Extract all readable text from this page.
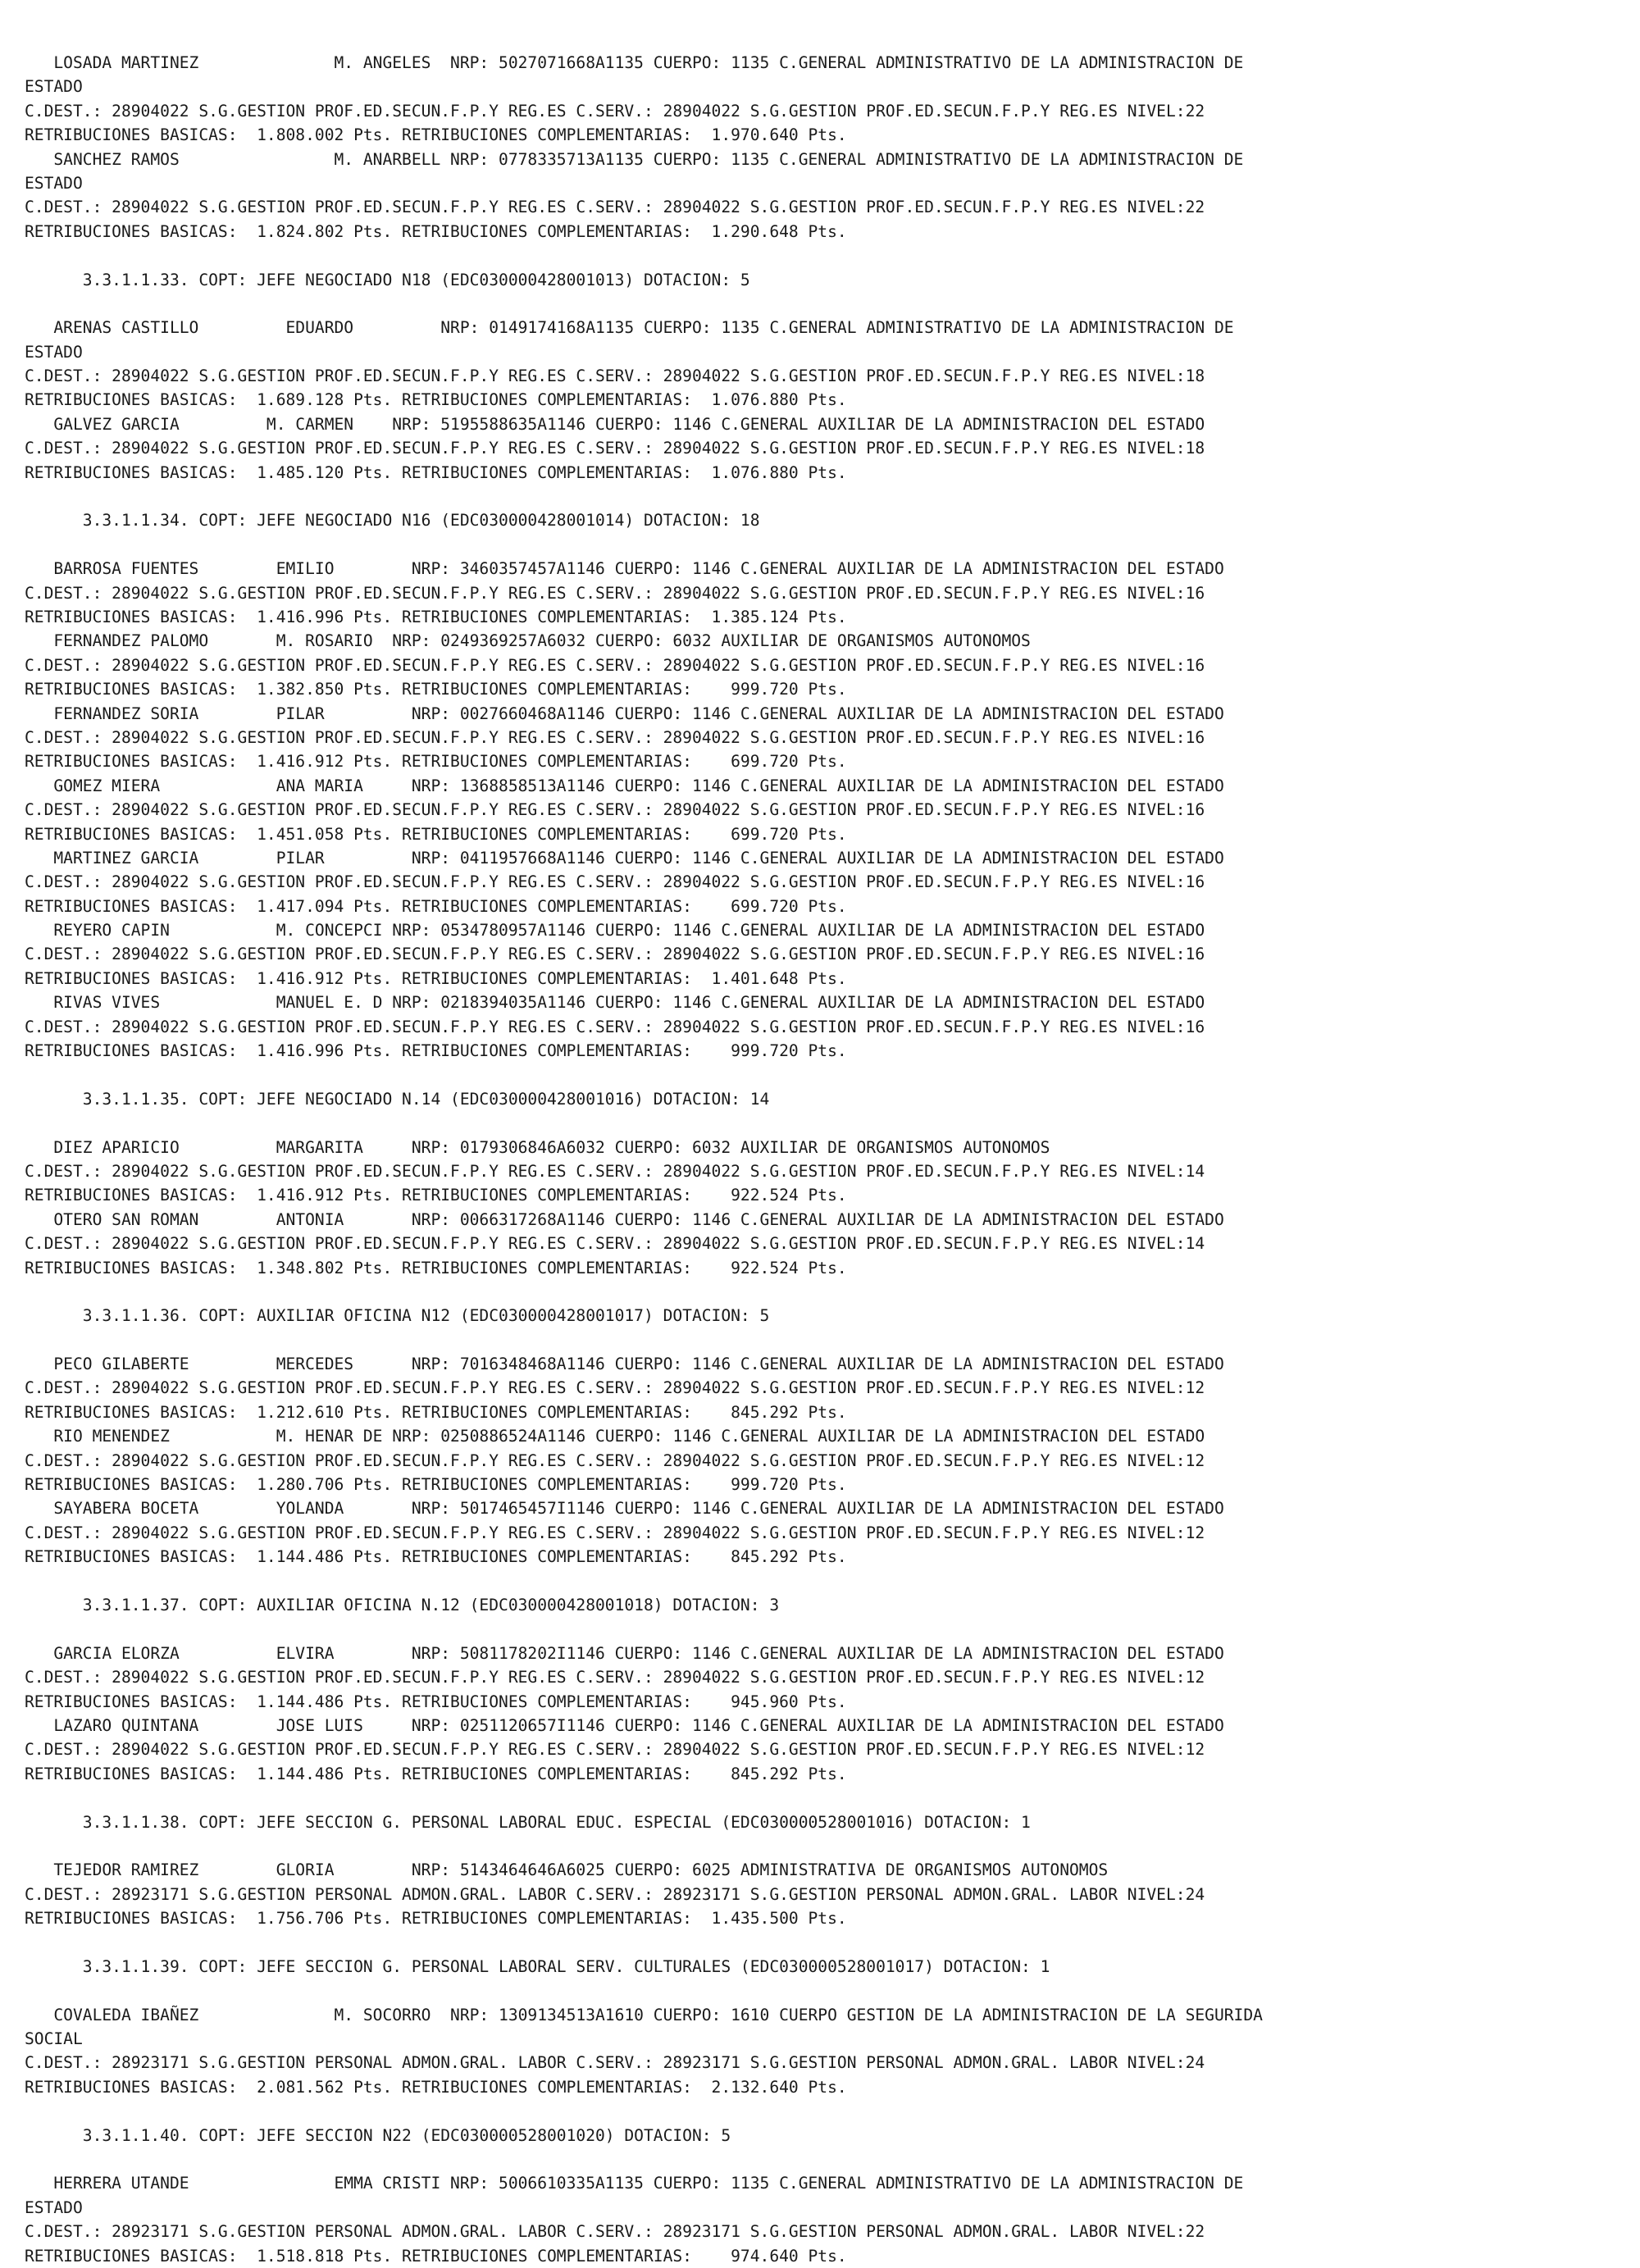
LOSADA MARTINEZ              M. ANGELES  NRP: 5027071668A1135 CUERPO: 1135 C.GENERAL ADMINISTRATIVO DE LA ADMINISTRACION DE
ESTADO
C.DEST.: 28904022 S.G.GESTION PROF.ED.SECUN.F.P.Y REG.ES C.SERV.: 28904022 S.G.GESTION PROF.ED.SECUN.F.P.Y REG.ES NIVEL:22
RETRIBUCIONES BASICAS:  1.808.002 Pts. RETRIBUCIONES COMPLEMENTARIAS:  1.970.640 Pts.
SANCHEZ RAMOS                M. ANARBELL NRP: 0778335713A1135 CUERPO: 1135 C.GENERAL ADMINISTRATIVO DE LA ADMINISTRACION DE
ESTADO
C.DEST.: 28904022 S.G.GESTION PROF.ED.SECUN.F.P.Y REG.ES C.SERV.: 28904022 S.G.GESTION PROF.ED.SECUN.F.P.Y REG.ES NIVEL:22
RETRIBUCIONES BASICAS:  1.824.802 Pts. RETRIBUCIONES COMPLEMENTARIAS:  1.290.648 Pts.
3.3.1.1.33. COPT: JEFE NEGOCIADO N18 (EDC030000428001013) DOTACION: 5
ARENAS CASTILLO         EDUARDO         NRP: 0149174168A1135 CUERPO: 1135 C.GENERAL ADMINISTRATIVO DE LA ADMINISTRACION DE
ESTADO
C.DEST.: 28904022 S.G.GESTION PROF.ED.SECUN.F.P.Y REG.ES C.SERV.: 28904022 S.G.GESTION PROF.ED.SECUN.F.P.Y REG.ES NIVEL:18
RETRIBUCIONES BASICAS:  1.689.128 Pts. RETRIBUCIONES COMPLEMENTARIAS:  1.076.880 Pts.
GALVEZ GARCIA         M. CARMEN    NRP: 5195588635A1146 CUERPO: 1146 C.GENERAL AUXILIAR DE LA ADMINISTRACION DEL ESTADO
C.DEST.: 28904022 S.G.GESTION PROF.ED.SECUN.F.P.Y REG.ES C.SERV.: 28904022 S.G.GESTION PROF.ED.SECUN.F.P.Y REG.ES NIVEL:18
RETRIBUCIONES BASICAS:  1.485.120 Pts. RETRIBUCIONES COMPLEMENTARIAS:  1.076.880 Pts.
3.3.1.1.34. COPT: JEFE NEGOCIADO N16 (EDC030000428001014) DOTACION: 18
BARROSA FUENTES        EMILIO        NRP: 3460357457A1146 CUERPO: 1146 C.GENERAL AUXILIAR DE LA ADMINISTRACION DEL ESTADO
C.DEST.: 28904022 S.G.GESTION PROF.ED.SECUN.F.P.Y REG.ES C.SERV.: 28904022 S.G.GESTION PROF.ED.SECUN.F.P.Y REG.ES NIVEL:16
RETRIBUCIONES BASICAS:  1.416.996 Pts. RETRIBUCIONES COMPLEMENTARIAS:  1.385.124 Pts.
FERNANDEZ PALOMO       M. ROSARIO  NRP: 0249369257A6032 CUERPO: 6032 AUXILIAR DE ORGANISMOS AUTONOMOS
C.DEST.: 28904022 S.G.GESTION PROF.ED.SECUN.F.P.Y REG.ES C.SERV.: 28904022 S.G.GESTION PROF.ED.SECUN.F.P.Y REG.ES NIVEL:16
RETRIBUCIONES BASICAS:  1.382.850 Pts. RETRIBUCIONES COMPLEMENTARIAS:    999.720 Pts.
FERNANDEZ SORIA        PILAR         NRP: 0027660468A1146 CUERPO: 1146 C.GENERAL AUXILIAR DE LA ADMINISTRACION DEL ESTADO
C.DEST.: 28904022 S.G.GESTION PROF.ED.SECUN.F.P.Y REG.ES C.SERV.: 28904022 S.G.GESTION PROF.ED.SECUN.F.P.Y REG.ES NIVEL:16
RETRIBUCIONES BASICAS:  1.416.912 Pts. RETRIBUCIONES COMPLEMENTARIAS:    699.720 Pts.
GOMEZ MIERA            ANA MARIA     NRP: 1368858513A1146 CUERPO: 1146 C.GENERAL AUXILIAR DE LA ADMINISTRACION DEL ESTADO
C.DEST.: 28904022 S.G.GESTION PROF.ED.SECUN.F.P.Y REG.ES C.SERV.: 28904022 S.G.GESTION PROF.ED.SECUN.F.P.Y REG.ES NIVEL:16
RETRIBUCIONES BASICAS:  1.451.058 Pts. RETRIBUCIONES COMPLEMENTARIAS:    699.720 Pts.
MARTINEZ GARCIA        PILAR         NRP: 0411957668A1146 CUERPO: 1146 C.GENERAL AUXILIAR DE LA ADMINISTRACION DEL ESTADO
C.DEST.: 28904022 S.G.GESTION PROF.ED.SECUN.F.P.Y REG.ES C.SERV.: 28904022 S.G.GESTION PROF.ED.SECUN.F.P.Y REG.ES NIVEL:16
RETRIBUCIONES BASICAS:  1.417.094 Pts. RETRIBUCIONES COMPLEMENTARIAS:    699.720 Pts.
REYERO CAPIN           M. CONCEPCI NRP: 0534780957A1146 CUERPO: 1146 C.GENERAL AUXILIAR DE LA ADMINISTRACION DEL ESTADO
C.DEST.: 28904022 S.G.GESTION PROF.ED.SECUN.F.P.Y REG.ES C.SERV.: 28904022 S.G.GESTION PROF.ED.SECUN.F.P.Y REG.ES NIVEL:16
RETRIBUCIONES BASICAS:  1.416.912 Pts. RETRIBUCIONES COMPLEMENTARIAS:  1.401.648 Pts.
RIVAS VIVES            MANUEL E. D NRP: 0218394035A1146 CUERPO: 1146 C.GENERAL AUXILIAR DE LA ADMINISTRACION DEL ESTADO
C.DEST.: 28904022 S.G.GESTION PROF.ED.SECUN.F.P.Y REG.ES C.SERV.: 28904022 S.G.GESTION PROF.ED.SECUN.F.P.Y REG.ES NIVEL:16
RETRIBUCIONES BASICAS:  1.416.996 Pts. RETRIBUCIONES COMPLEMENTARIAS:    999.720 Pts.
3.3.1.1.35. COPT: JEFE NEGOCIADO N.14 (EDC030000428001016) DOTACION: 14
DIEZ APARICIO          MARGARITA     NRP: 0179306846A6032 CUERPO: 6032 AUXILIAR DE ORGANISMOS AUTONOMOS
C.DEST.: 28904022 S.G.GESTION PROF.ED.SECUN.F.P.Y REG.ES C.SERV.: 28904022 S.G.GESTION PROF.ED.SECUN.F.P.Y REG.ES NIVEL:14
RETRIBUCIONES BASICAS:  1.416.912 Pts. RETRIBUCIONES COMPLEMENTARIAS:    922.524 Pts.
OTERO SAN ROMAN        ANTONIA       NRP: 0066317268A1146 CUERPO: 1146 C.GENERAL AUXILIAR DE LA ADMINISTRACION DEL ESTADO
C.DEST.: 28904022 S.G.GESTION PROF.ED.SECUN.F.P.Y REG.ES C.SERV.: 28904022 S.G.GESTION PROF.ED.SECUN.F.P.Y REG.ES NIVEL:14
RETRIBUCIONES BASICAS:  1.348.802 Pts. RETRIBUCIONES COMPLEMENTARIAS:    922.524 Pts.
3.3.1.1.36. COPT: AUXILIAR OFICINA N12 (EDC030000428001017) DOTACION: 5
PECO GILABERTE         MERCEDES      NRP: 7016348468A1146 CUERPO: 1146 C.GENERAL AUXILIAR DE LA ADMINISTRACION DEL ESTADO
C.DEST.: 28904022 S.G.GESTION PROF.ED.SECUN.F.P.Y REG.ES C.SERV.: 28904022 S.G.GESTION PROF.ED.SECUN.F.P.Y REG.ES NIVEL:12
RETRIBUCIONES BASICAS:  1.212.610 Pts. RETRIBUCIONES COMPLEMENTARIAS:    845.292 Pts.
RIO MENENDEZ           M. HENAR DE NRP: 0250886524A1146 CUERPO: 1146 C.GENERAL AUXILIAR DE LA ADMINISTRACION DEL ESTADO
C.DEST.: 28904022 S.G.GESTION PROF.ED.SECUN.F.P.Y REG.ES C.SERV.: 28904022 S.G.GESTION PROF.ED.SECUN.F.P.Y REG.ES NIVEL:12
RETRIBUCIONES BASICAS:  1.280.706 Pts. RETRIBUCIONES COMPLEMENTARIAS:    999.720 Pts.
SAYABERA BOCETA        YOLANDA       NRP: 5017465457I1146 CUERPO: 1146 C.GENERAL AUXILIAR DE LA ADMINISTRACION DEL ESTADO
C.DEST.: 28904022 S.G.GESTION PROF.ED.SECUN.F.P.Y REG.ES C.SERV.: 28904022 S.G.GESTION PROF.ED.SECUN.F.P.Y REG.ES NIVEL:12
RETRIBUCIONES BASICAS:  1.144.486 Pts. RETRIBUCIONES COMPLEMENTARIAS:    845.292 Pts.
3.3.1.1.37. COPT: AUXILIAR OFICINA N.12 (EDC030000428001018) DOTACION: 3
GARCIA ELORZA          ELVIRA        NRP: 5081178202I1146 CUERPO: 1146 C.GENERAL AUXILIAR DE LA ADMINISTRACION DEL ESTADO
C.DEST.: 28904022 S.G.GESTION PROF.ED.SECUN.F.P.Y REG.ES C.SERV.: 28904022 S.G.GESTION PROF.ED.SECUN.F.P.Y REG.ES NIVEL:12
RETRIBUCIONES BASICAS:  1.144.486 Pts. RETRIBUCIONES COMPLEMENTARIAS:    945.960 Pts.
LAZARO QUINTANA        JOSE LUIS     NRP: 0251120657I1146 CUERPO: 1146 C.GENERAL AUXILIAR DE LA ADMINISTRACION DEL ESTADO
C.DEST.: 28904022 S.G.GESTION PROF.ED.SECUN.F.P.Y REG.ES C.SERV.: 28904022 S.G.GESTION PROF.ED.SECUN.F.P.Y REG.ES NIVEL:12
RETRIBUCIONES BASICAS:  1.144.486 Pts. RETRIBUCIONES COMPLEMENTARIAS:    845.292 Pts.
3.3.1.1.38. COPT: JEFE SECCION G. PERSONAL LABORAL EDUC. ESPECIAL (EDC030000528001016) DOTACION: 1
TEJEDOR RAMIREZ        GLORIA        NRP: 5143464646A6025 CUERPO: 6025 ADMINISTRATIVA DE ORGANISMOS AUTONOMOS
C.DEST.: 28923171 S.G.GESTION PERSONAL ADMON.GRAL. LABOR C.SERV.: 28923171 S.G.GESTION PERSONAL ADMON.GRAL. LABOR NIVEL:24
RETRIBUCIONES BASICAS:  1.756.706 Pts. RETRIBUCIONES COMPLEMENTARIAS:  1.435.500 Pts.
3.3.1.1.39. COPT: JEFE SECCION G. PERSONAL LABORAL SERV. CULTURALES (EDC030000528001017) DOTACION: 1
COVALEDA IBAÑEZ              M. SOCORRO  NRP: 1309134513A1610 CUERPO: 1610 CUERPO GESTION DE LA ADMINISTRACION DE LA SEGURIDA
SOCIAL
C.DEST.: 28923171 S.G.GESTION PERSONAL ADMON.GRAL. LABOR C.SERV.: 28923171 S.G.GESTION PERSONAL ADMON.GRAL. LABOR NIVEL:24
RETRIBUCIONES BASICAS:  2.081.562 Pts. RETRIBUCIONES COMPLEMENTARIAS:  2.132.640 Pts.
3.3.1.1.40. COPT: JEFE SECCION N22 (EDC030000528001020) DOTACION: 5
HERRERA UTANDE               EMMA CRISTI NRP: 5006610335A1135 CUERPO: 1135 C.GENERAL ADMINISTRATIVO DE LA ADMINISTRACION DE
ESTADO
C.DEST.: 28923171 S.G.GESTION PERSONAL ADMON.GRAL. LABOR C.SERV.: 28923171 S.G.GESTION PERSONAL ADMON.GRAL. LABOR NIVEL:22
RETRIBUCIONES BASICAS:  1.518.818 Pts. RETRIBUCIONES COMPLEMENTARIAS:    974.640 Pts.
